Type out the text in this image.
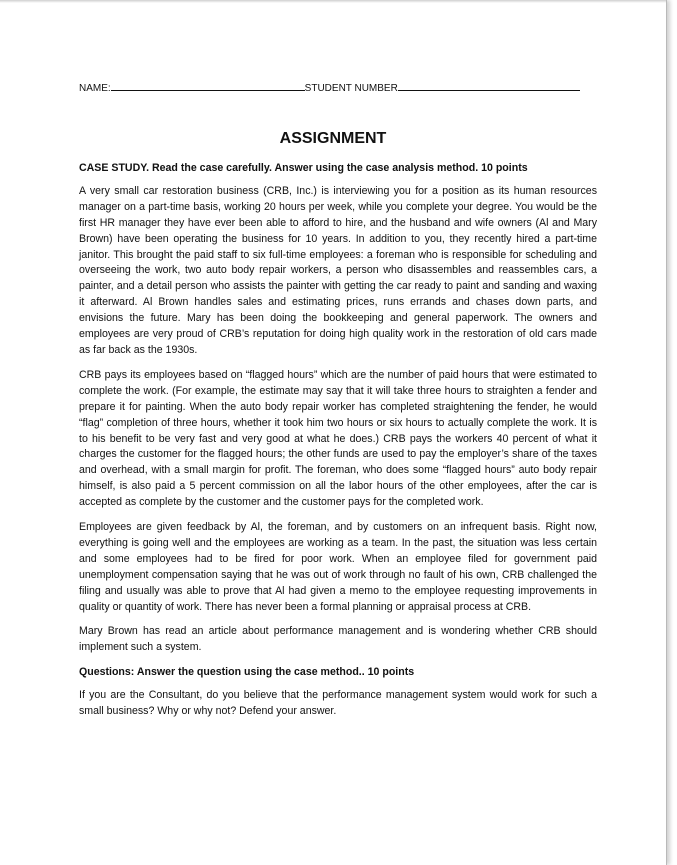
NAME:	STUDENT NUMBER
ASSIGNMENT

CASE STUDY. Read the case carefully. Answer using the case analysis method. 10 points

A very small car restoration business (CRB, Inc.) is interviewing you for a position as its human resources manager on a part-time basis, working 20 hours per week, while you complete your degree. You would be the first HR manager they have ever been able to afford to hire, and the husband and wife owners (Al and Mary Brown) have been operating the business for 10 years. In addition to you, they recently hired a part-time janitor. This brought the paid staff to six full-time employees: a foreman who is responsible for scheduling and overseeing the work, two auto body repair workers, a person who disassembles and reassembles cars, a painter, and a detail person who assists the painter with getting the car ready to paint and sanding and waxing it afterward. Al Brown handles sales and estimating prices, runs errands and chases down parts, and envisions the future. Mary has been doing the bookkeeping and general paperwork. The owners and employees are very proud of CRB’s reputation for doing high quality work in the restoration of old cars made as far back as the 1930s.

CRB pays its employees based on “flagged hours” which are the number of paid hours that were estimated to complete the work. (For example, the estimate may say that it will take three hours to straighten a fender and prepare it for painting. When the auto body repair worker has completed straightening the fender, he would “flag” completion of three hours, whether it took him two hours or six hours to actually complete the work. It is to his benefit to be very fast and very good at what he does.) CRB pays the workers 40 percent of what it charges the customer for the flagged hours; the other funds are used to pay the employer’s share of the taxes and overhead, with a small margin for profit. The foreman, who does some “flagged hours” auto body repair himself, is also paid a 5 percent commission on all the labor hours of the other employees, after the car is accepted as complete by the customer and the customer pays for the completed work.

Employees are given feedback by Al, the foreman, and by customers on an infrequent basis. Right now, everything is going well and the employees are working as a team. In the past, the situation was less certain and some employees had to be fired for poor work. When an employee filed for government paid unemployment compensation saying that he was out of work through no fault of his own, CRB challenged the filing and usually was able to prove that Al had given a memo to the employee requesting improvements in quality or quantity of work. There has never been a formal planning or appraisal process at CRB.

Mary Brown has read an article about performance management and is wondering whether CRB should implement such a system.

Questions: Answer the question using the case method.. 10 points

If you are the Consultant, do you believe that the performance management system would work for such a small business? Why or why not? Defend your answer.
